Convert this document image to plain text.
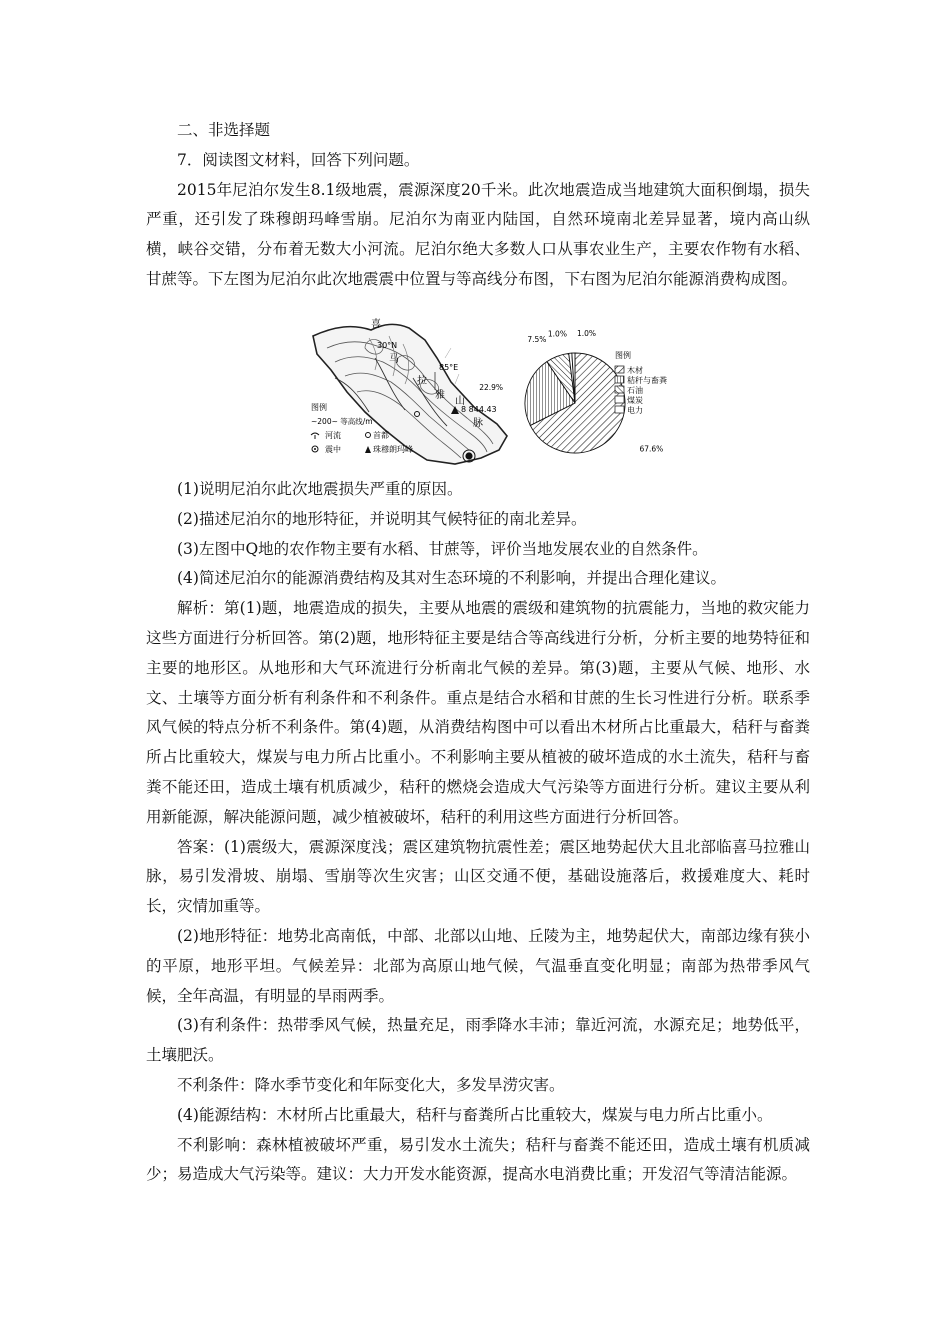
二、非选择题

7．阅读图文材料，回答下列问题。

2015年尼泊尔发生8.1级地震，震源深度20千米。此次地震造成当地建筑大面积倒塌，损失严重，还引发了珠穆朗玛峰雪崩。尼泊尔为南亚内陆国，自然环境南北差异显著，境内高山纵横，峡谷交错，分布着无数大小河流。尼泊尔绝大多数人口从事农业生产，主要农作物有水稻、甘蔗等。下左图为尼泊尔此次地震震中位置与等高线分布图，下右图为尼泊尔能源消费构成图。

喜
30°N
马
拉
85°E
雅
山
8 844.43
脉
图例
~200~ 等高线/m
河流	首都
震中	珠穆朗玛峰	67.6%
22.9%
7.5%
1.0% 1.0%
图例
木材
秸秆与畜粪
石油
煤炭
电力

(1)说明尼泊尔此次地震损失严重的原因。

(2)描述尼泊尔的地形特征，并说明其气候特征的南北差异。

(3)左图中Q地的农作物主要有水稻、甘蔗等，评价当地发展农业的自然条件。

(4)简述尼泊尔的能源消费结构及其对生态环境的不利影响，并提出合理化建议。

解析：第(1)题，地震造成的损失，主要从地震的震级和建筑物的抗震能力，当地的救灾能力这些方面进行分析回答。第(2)题，地形特征主要是结合等高线进行分析，分析主要的地势特征和主要的地形区。从地形和大气环流进行分析南北气候的差异。第(3)题，主要从气候、地形、水文、土壤等方面分析有利条件和不利条件。重点是结合水稻和甘蔗的生长习性进行分析。联系季风气候的特点分析不利条件。第(4)题，从消费结构图中可以看出木材所占比重最大，秸秆与畜粪所占比重较大，煤炭与电力所占比重小。不利影响主要从植被的破坏造成的水土流失，秸秆与畜粪不能还田，造成土壤有机质减少，秸秆的燃烧会造成大气污染等方面进行分析。建议主要从利用新能源，解决能源问题，减少植被破坏，秸秆的利用这些方面进行分析回答。

答案：(1)震级大，震源深度浅；震区建筑物抗震性差；震区地势起伏大且北部临喜马拉雅山脉，易引发滑坡、崩塌、雪崩等次生灾害；山区交通不便，基础设施落后，救援难度大、耗时长，灾情加重等。

(2)地形特征：地势北高南低，中部、北部以山地、丘陵为主，地势起伏大，南部边缘有狭小的平原，地形平坦。气候差异：北部为高原山地气候，气温垂直变化明显；南部为热带季风气候，全年高温，有明显的旱雨两季。

(3)有利条件：热带季风气候，热量充足，雨季降水丰沛；靠近河流，水源充足；地势低平，土壤肥沃。

不利条件：降水季节变化和年际变化大，多发旱涝灾害。

(4)能源结构：木材所占比重最大，秸秆与畜粪所占比重较大，煤炭与电力所占比重小。

不利影响：森林植被破坏严重，易引发水土流失；秸秆与畜粪不能还田，造成土壤有机质减少；易造成大气污染等。建议：大力开发水能资源，提高水电消费比重；开发沼气等清洁能源。
